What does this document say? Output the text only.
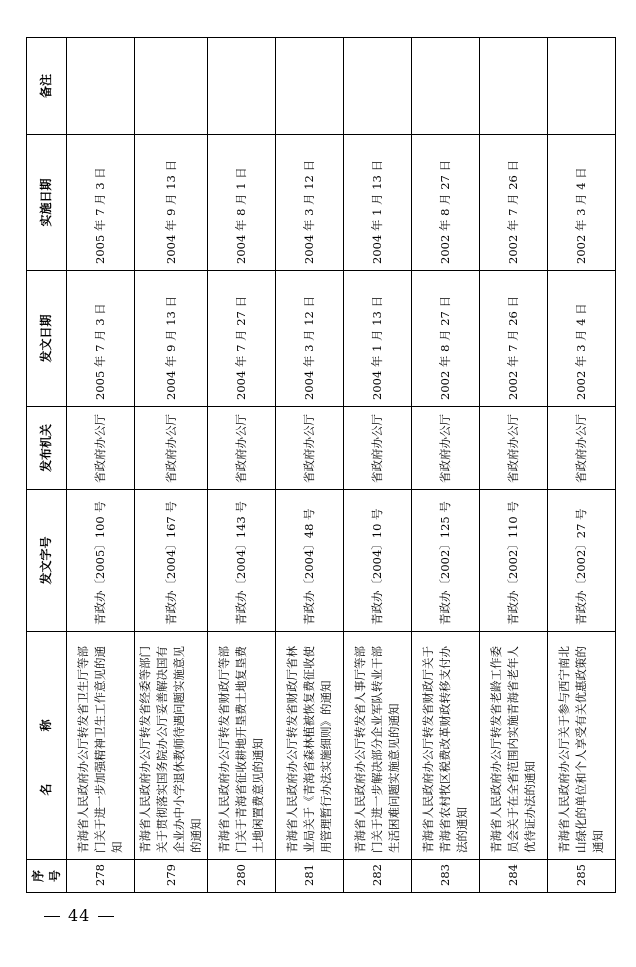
序号	名 称	发文字号	发布机关	发文日期	实施日期	备注
278	青海省人民政府办公厅转发省卫生厅等部门关于进一步加强精神卫生工作意见的通知	青政办〔2005〕100 号	省政府办公厅	2005 年 7 月 3 日	2005 年 7 月 3 日	
279	青海省人民政府办公厅转发省经委等部门关于贯彻落实国务院办公厅妥善解决国有企业办中小学退休教师待遇问题实施意见的通知	青政办〔2004〕167 号	省政府办公厅	2004 年 9 月 13 日	2004 年 9 月 13 日	
280	青海省人民政府办公厅转发省财政厅等部门关于青海省征收耕地开垦费土地复垦费土地闲置费意见的通知	青政办〔2004〕143 号	省政府办公厅	2004 年 7 月 27 日	2004 年 8 月 1 日	
281	青海省人民政府办公厅转发省财政厅省林业局关于《青海省森林植被恢复费征收使用管理暂行办法实施细则》的通知	青政办〔2004〕48 号	省政府办公厅	2004 年 3 月 12 日	2004 年 3 月 12 日	
282	青海省人民政府办公厅转发省人事厅等部门关于进一步解决部分企业军队转业干部生活困难问题实施意见的通知	青政办〔2004〕10 号	省政府办公厅	2004 年 1 月 13 日	2004 年 1 月 13 日	
283	青海省人民政府办公厅转发省财政厅关于青海省农村牧区税费改革财政转移支付办法的通知	青政办〔2002〕125 号	省政府办公厅	2002 年 8 月 27 日	2002 年 8 月 27 日	
284	青海省人民政府办公厅转发省老龄工作委员会关于在全省范围内实施青海省老年人优待证办法的通知	青政办〔2002〕110 号	省政府办公厅	2002 年 7 月 26 日	2002 年 7 月 26 日	
285	青海省人民政府办公厅关于参与西宁南北山绿化的单位和个人享受有关优惠政策的通知	青政办〔2002〕27 号	省政府办公厅	2002 年 3 月 4 日	2002 年 3 月 4 日	
44
